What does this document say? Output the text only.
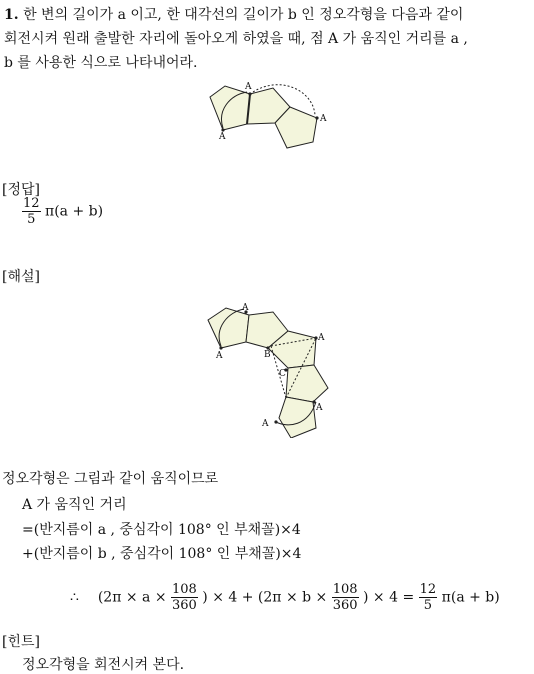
1. 한 변의 길이가 a 이고, 한 대각선의 길이가 b 인 정오각형을 다음과 같이
회전시켜 원래 출발한 자리에 돌아오게 하였을 때, 점 A 가 움직인 거리를 a ,
b 를 사용한 식으로 나타내어라.
A
A
A
[정답]
$\frac{12}{5} \pi(a + b)$
[해설]
A
A
A
B
C
A
A
정오각형은 그림과 같이 움직이므로
A 가 움직인 거리
=(반지름이 a , 중심각이 108° 인 부채꼴)×4
+(반지름이 b , 중심각이 108° 인 부채꼴)×4
∴ ($2\pi \times a \times \frac{108}{360}$ ) × $4 + (2\pi \times b \times \frac{108}{360}$ ) × $4 = \frac{12}{5} \pi(a + b)$
[힌트]
정오각형을 회전시켜 본다.
